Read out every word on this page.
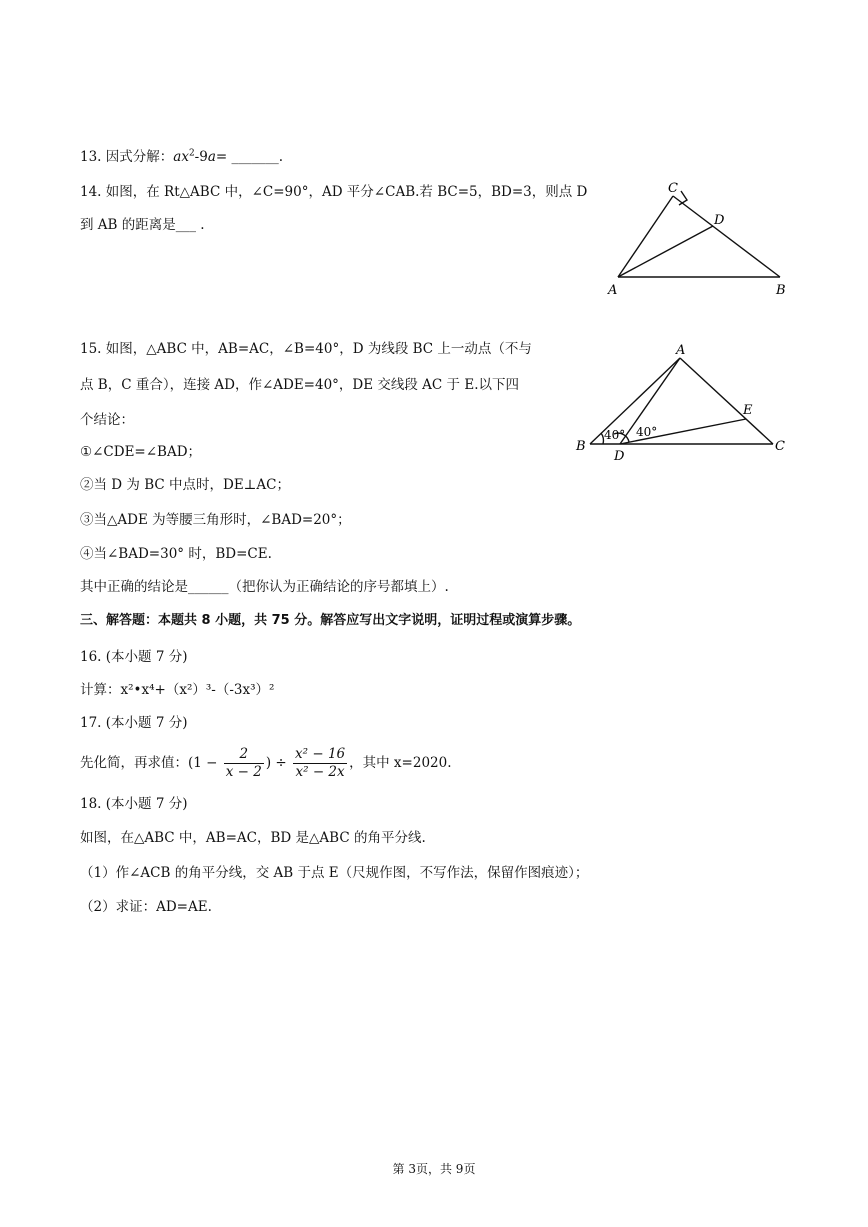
13. 因式分解：$ax^2-9a=$ _______.
14. 如图，在 Rt△ABC 中，∠C=90°，AD 平分∠CAB.若 BC=5，BD=3，则点 D
到 AB 的距离是___ .
C
D
A	B
15. 如图，△ABC 中，AB=AC，∠B=40°，D 为线段 BC 上一动点（不与
点 B，C 重合），连接 AD，作∠ADE=40°，DE 交线段 AC 于 E.以下四
个结论：
①∠CDE=∠BAD；
②当 D 为 BC 中点时，DE⊥AC；
③当△ADE 为等腰三角形时，∠BAD=20°；
④当∠BAD=30° 时，BD=CE.
其中正确的结论是______（把你认为正确结论的序号都填上）.
40° 40°
A
E
B
D
C
三、解答题：本题共 8 小题，共 75 分。解答应写出文字说明，证明过程或演算步骤。
16. (本小题 7 分)
计算：x²•x⁴+（x²）³-（-3x³）²
17. (本小题 7 分)
先化简，再求值：($1 - \frac{2}{x - 2}$ ) ÷ $\frac{\text{x² − 16}}{\text{x² − 2x}}$ ，其中 x=2020.
18. (本小题 7 分)
如图，在△ABC 中，AB=AC，BD 是△ABC 的角平分线.
（1）作∠ACB 的角平分线，交 AB 于点 E（尺规作图，不写作法，保留作图痕迹）；
（2）求证：AD=AE.
第 3页，共 9页
